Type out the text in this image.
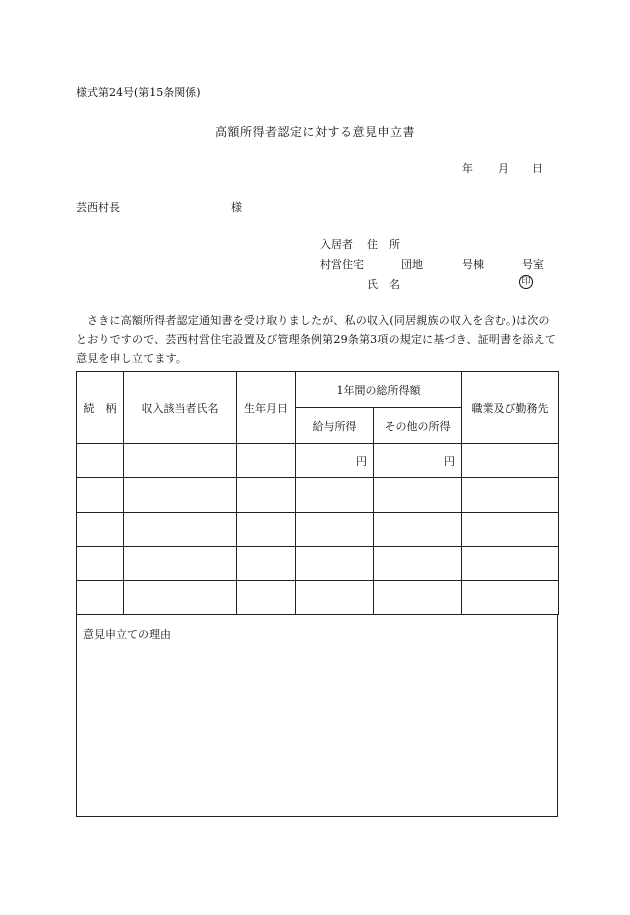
様式第24号(第15条関係)
高額所得者認定に対する意見申立書
年 月 日
芸西村長	様
入居者 住　所
村営住宅	団地	号棟	号室
氏　名	印
さきに高額所得者認定通知書を受け取りましたが、私の収入(同居親族の収入を含む。)は次のとおりですので、芸西村営住宅設置及び管理条例第29条第3項の規定に基づき、証明書を添えて意見を申し立てます。
続　柄	収入該当者氏名	生年月日	1年間の総所得額		職業及び勤務先
			給与所得	その他の所得	
			円	円	

意見申立ての理由
